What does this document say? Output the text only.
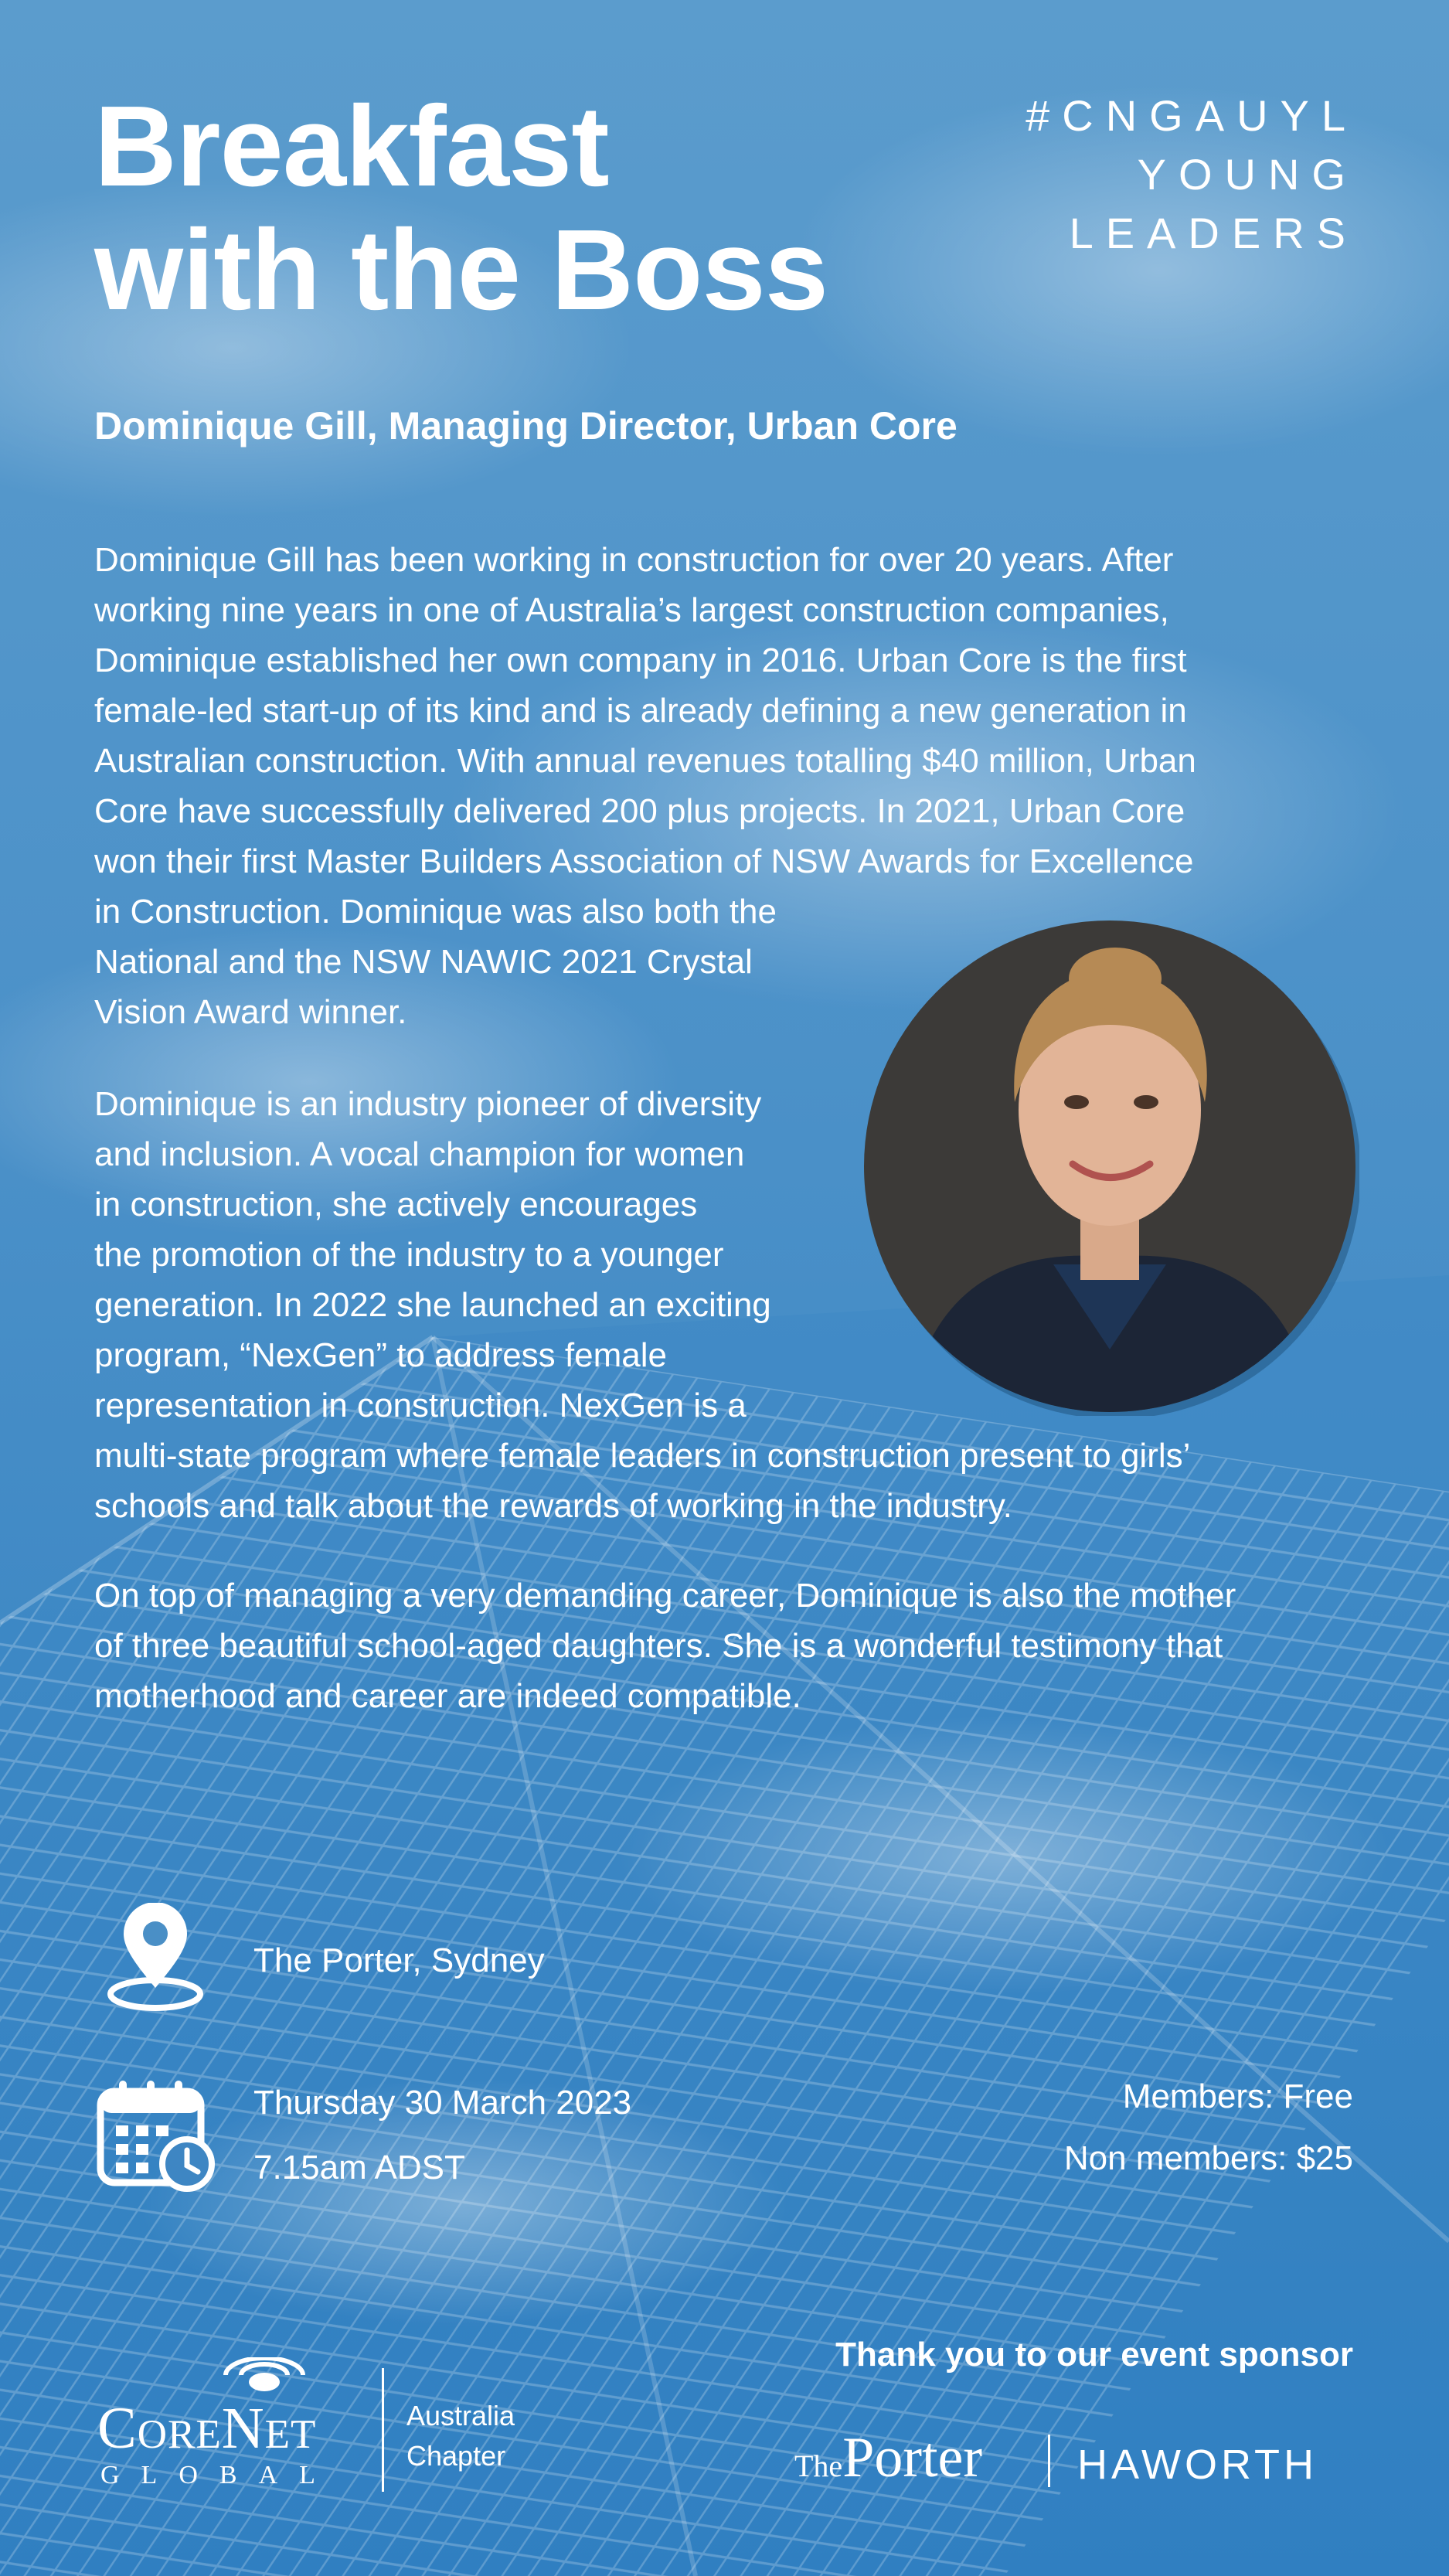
Breakfast
with the Boss
#CNGAUYL
YOUNG
LEADERS
Dominique Gill, Managing Director, Urban Core

Dominique Gill has been working in construction for over 20 years. After

working nine years in one of Australia’s largest construction companies,

Dominique established her own company in 2016. Urban Core is the first

female-led start-up of its kind and is already defining a new generation in

Australian construction. With annual revenues totalling $40 million, Urban

Core have successfully delivered 200 plus projects. In 2021, Urban Core

won their first Master Builders Association of NSW Awards for Excellence

in Construction. Dominique was also both the

National and the NSW NAWIC 2021 Crystal

Vision Award winner.

Dominique is an industry pioneer of diversity

and inclusion. A vocal champion for women

in construction, she actively encourages

the promotion of the industry to a younger

generation. In 2022 she launched an exciting

program, “NexGen” to address female

representation in construction. NexGen is a

multi-state program where female leaders in construction present to girls’

schools and talk about the rewards of working in the industry.

On top of managing a very demanding career, Dominique is also the mother

of three beautiful school-aged daughters. She is a wonderful testimony that

motherhood and career are indeed compatible.

The Porter, Sydney
Thursday 30 March 2023
7.15am ADST
Members: Free
Non members: $25
CoreNet
GLOBAL
Australia
Chapter
Thank you to our event sponsor
ThePorter HAWORTH
